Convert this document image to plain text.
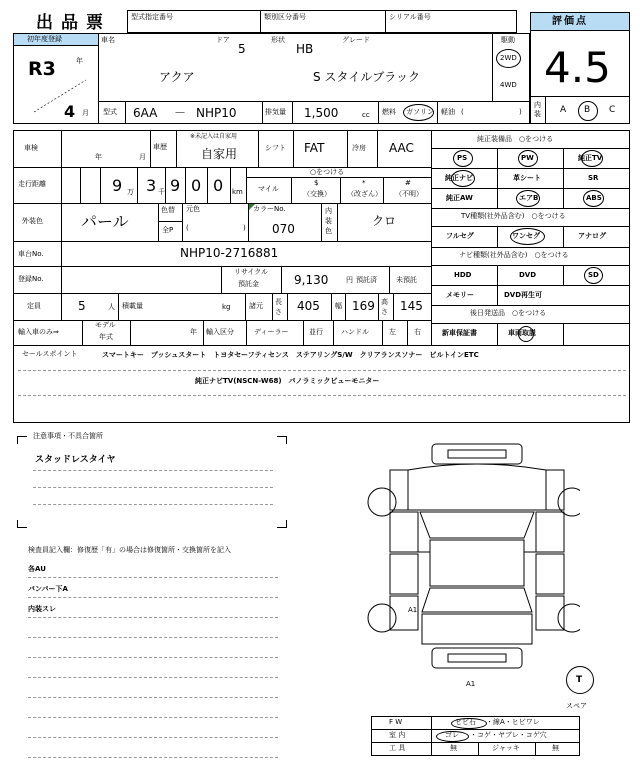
出品票	型式指定番号	類別区分番号	シリアル番号
初年度登録
R3	年
4 月
車名	ドア
5
形状
HB
グレード
アクア	S スタイルブラック
駆動
2WD
4WD
型式 6AA － NHP10	排気量 1,500	cc 燃料 ガソリン 軽油 (	)
評価点
4.5
内装 A B C
車検
年	月
車歴
※未記入は自家用
自家用	シフト FAT	冷房 AAC
走行距離	9 万 3 千 9 0 0 km
○をつける
マイル
$
（交換）
*
（改ざん）
#
（不明）
外装色 パール
色替
全P
元色
(	)
カラーNo.
070
内装色
クロ
車台No.	NHP10-2716881
登録No.
リサイクル
預託金	9,130	円 預託済	未預託
定員	5	人 積載量	kg	諸元 長さ 405 幅 169 高さ 145
輸入車のみ⇒
モデル
年式
年 輸入区分	ディーラー	並行	ハンドル	左	右
純正装備品　○をつける
PS	PW	純正TV
純正ナビ	革シート	SR
純正AW	エアB	ABS
TV種類(社外品含む)　○をつける
フルセグ	ワンセグ	アナログ
ナビ種類(社外品含む)　○をつける
HDD	DVD	SD
メモリー	DVD再生可
後日発送品　○をつける
新車保証書	車両取説
セールスポイント	スマートキー　プッシュスタート　トヨタセーフティセンス　ステアリングS/W　クリアランスソナー　ビルトインETC
純正ナビTV(NSCN-W68)　パノラミックビューモニター
注意事項・不具合箇所
スタッドレスタイヤ
検査員記入欄：修復歴「有」の場合は修復箇所・交換箇所を記入
各AU
バンパー下A
内装スレ	A1
A1	T
スペア
F W	ヒビ石 ・線A・ヒビワレ
室 内	ゴレ ・コゲ・ヤブレ・コゲ穴
工 具	無	ジャッキ	無
